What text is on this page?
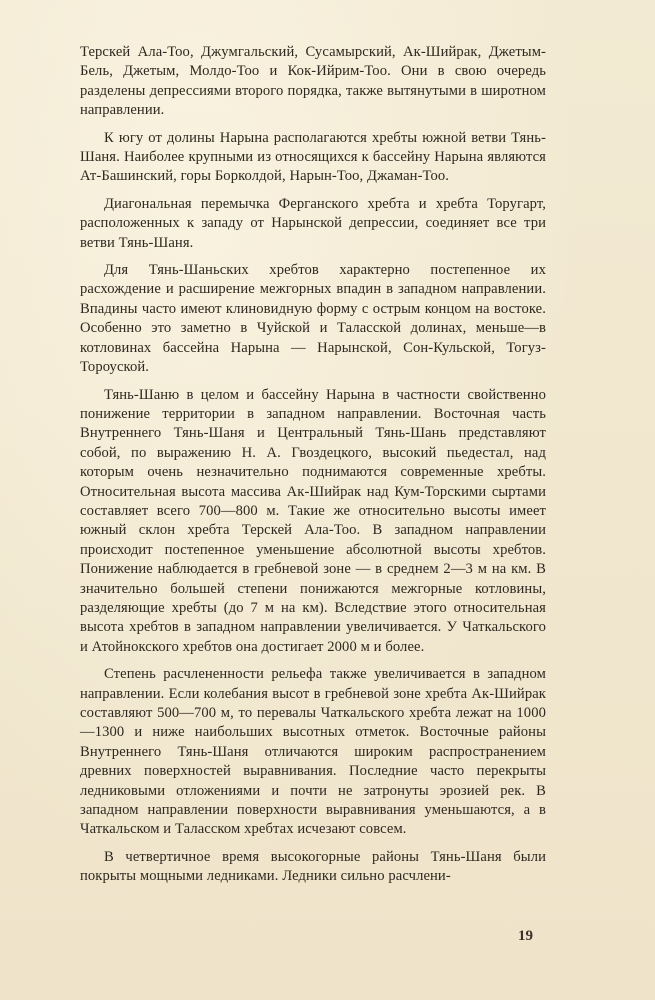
Терскей Ала-Тоо, Джумгальский, Сусамырский, Ак-Шийрак, Джетым-Бель, Джетым, Молдо-Тоо и Кок-Ийрим-Тоо. Они в свою очередь разделены депрессиями второго порядка, также вытянутыми в широтном направлении.

К югу от долины Нарына располагаются хребты южной ветви Тянь-Шаня. Наиболее крупными из относящихся к бассейну Нарына являются Ат-Башинский, горы Борколдой, Нарын-Тоо, Джаман-Тоо.

Диагональная перемычка Ферганского хребта и хребта Торугарт, расположенных к западу от Нарынской депрессии, соединяет все три ветви Тянь-Шаня.

Для Тянь-Шаньских хребтов характерно постепенное их расхождение и расширение межгорных впадин в западном направлении. Впадины часто имеют клиновидную форму с острым концом на востоке. Особенно это заметно в Чуйской и Таласской долинах, меньше—в котловинах бассейна Нарына — Нарынской, Сон-Кульской, Тогуз-Тороуской.

Тянь-Шаню в целом и бассейну Нарына в частности свойственно понижение территории в западном направлении. Восточная часть Внутреннего Тянь-Шаня и Центральный Тянь-Шань представляют собой, по выражению Н. А. Гвоздецкого, высокий пьедестал, над которым очень незначительно поднимаются современные хребты. Относительная высота массива Ак-Шийрак над Кум-Торскими сыртами составляет всего 700—800 м. Такие же относительно высоты имеет южный склон хребта Терскей Ала-Тоо. В западном направлении происходит постепенное уменьшение абсолютной высоты хребтов. Понижение наблюдается в гребневой зоне — в среднем 2—3 м на км. В значительно большей степени понижаются межгорные котловины, разделяющие хребты (до 7 м на км). Вследствие этого относительная высота хребтов в западном направлении увеличивается. У Чаткальского и Атойнокского хребтов она достигает 2000 м и более.

Степень расчлененности рельефа также увеличивается в западном направлении. Если колебания высот в гребневой зоне хребта Ак-Шийрак составляют 500—700 м, то перевалы Чаткальского хребта лежат на 1000—1300 и ниже наибольших высотных отметок. Восточные районы Внутреннего Тянь-Шаня отличаются широким распространением древних поверхностей выравнивания. Последние часто перекрыты ледниковыми отложениями и почти не затронуты эрозией рек. В западном направлении поверхности выравнивания уменьшаются, а в Чаткальском и Таласском хребтах исчезают совсем.

В четвертичное время высокогорные районы Тянь-Шаня были покрыты мощными ледниками. Ледники сильно расчлени-

19
